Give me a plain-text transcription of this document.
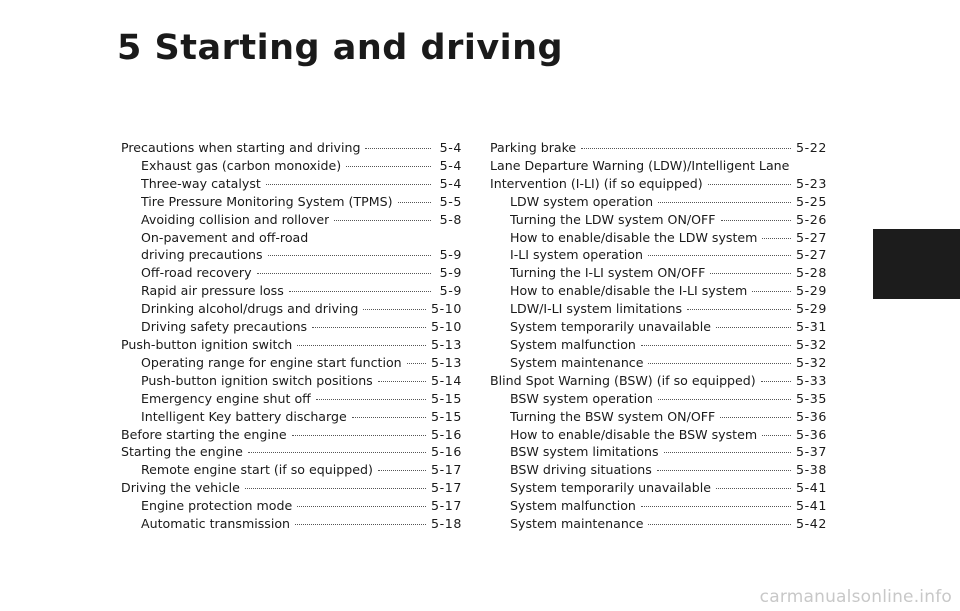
5 Starting and driving
Precautions when starting and driving	5-4
Exhaust gas (carbon monoxide)	5-4
Three-way catalyst	5-4
Tire Pressure Monitoring System (TPMS)	5-5
Avoiding collision and rollover	5-8
On-pavement and off-road
driving precautions	5-9
Off-road recovery	5-9
Rapid air pressure loss	5-9
Drinking alcohol/drugs and driving	5-10
Driving safety precautions	5-10
Push-button ignition switch	5-13
Operating range for engine start function 5-13
Push-button ignition switch positions	5-14
Emergency engine shut off	5-15
Intelligent Key battery discharge	5-15
Before starting the engine	5-16
Starting the engine	5-16
Remote engine start (if so equipped)	5-17
Driving the vehicle	5-17
Engine protection mode	5-17
Automatic transmission	5-18
Parking brake	5-22
Lane Departure Warning (LDW)/Intelligent Lane
Intervention (I-LI) (if so equipped)	5-23
LDW system operation	5-25
Turning the LDW system ON/OFF	5-26
How to enable/disable the LDW system	5-27
I-LI system operation	5-27
Turning the I-LI system ON/OFF	5-28
How to enable/disable the I-LI system	5-29
LDW/I-LI system limitations	5-29
System temporarily unavailable	5-31
System malfunction	5-32
System maintenance	5-32
Blind Spot Warning (BSW) (if so equipped)	5-33
BSW system operation	5-35
Turning the BSW system ON/OFF	5-36
How to enable/disable the BSW system	5-36
BSW system limitations	5-37
BSW driving situations	5-38
System temporarily unavailable	5-41
System malfunction	5-41
System maintenance	5-42
carmanualsonline.info
